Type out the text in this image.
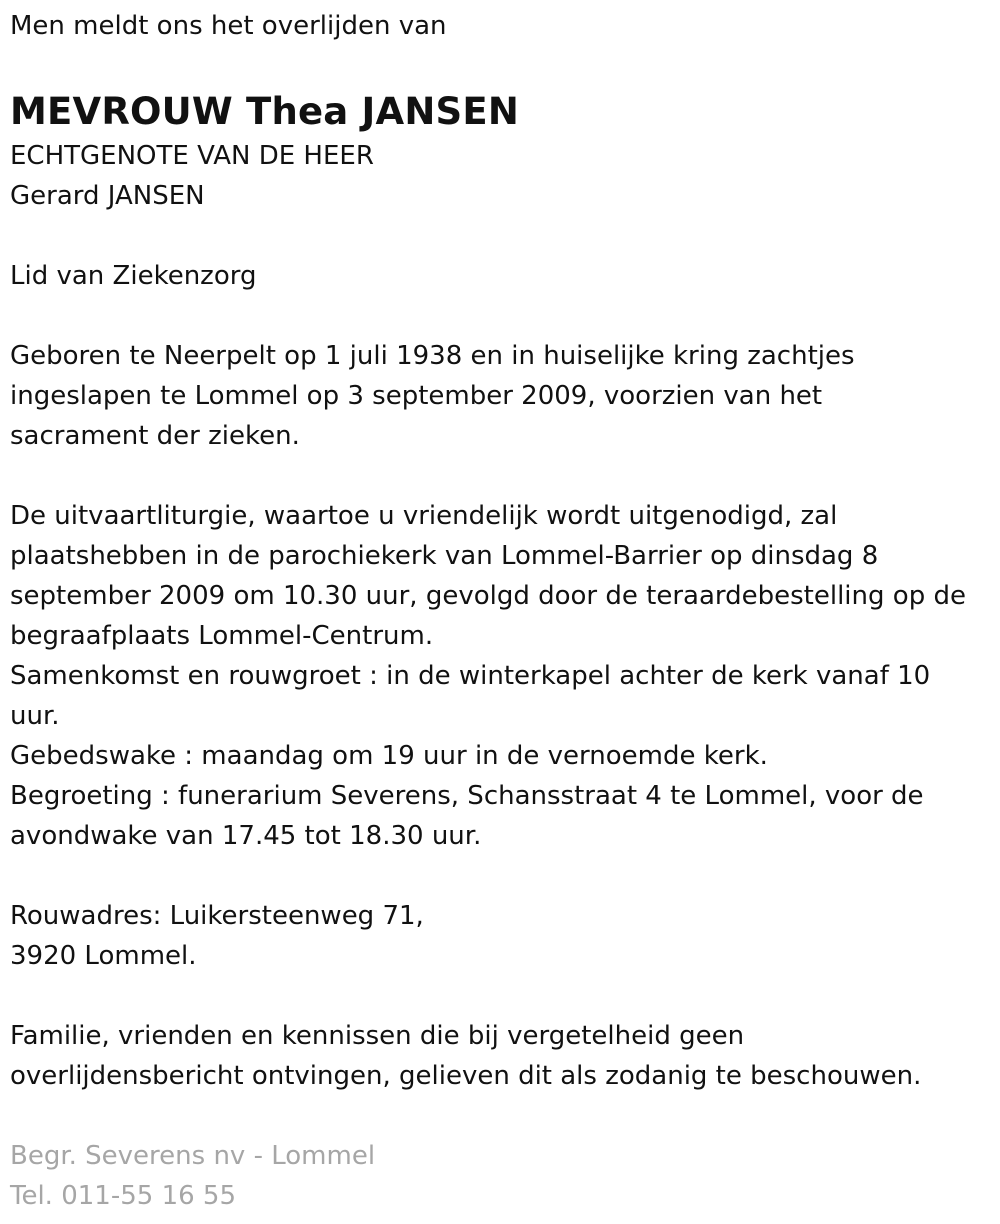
Men meldt ons het overlijden van
MEVROUW Thea JANSEN
ECHTGENOTE VAN DE HEER
Gerard JANSEN
Lid van Ziekenzorg
Geboren te Neerpelt op 1 juli 1938 en in huiselijke kring zachtjes
ingeslapen te Lommel op 3 september 2009, voorzien van het
sacrament der zieken.
De uitvaartliturgie, waartoe u vriendelijk wordt uitgenodigd, zal
plaatshebben in de parochiekerk van Lommel-Barrier op dinsdag 8
september 2009 om 10.30 uur, gevolgd door de teraardebestelling op de
begraafplaats Lommel-Centrum.
Samenkomst en rouwgroet : in de winterkapel achter de kerk vanaf 10
uur.
Gebedswake : maandag om 19 uur in de vernoemde kerk.
Begroeting : funerarium Severens, Schansstraat 4 te Lommel, voor de
avondwake van 17.45 tot 18.30 uur.
Rouwadres: Luikersteenweg 71,
3920 Lommel.
Familie, vrienden en kennissen die bij vergetelheid geen
overlijdensbericht ontvingen, gelieven dit als zodanig te beschouwen.
Begr. Severens nv - Lommel
Tel. 011-55 16 55
